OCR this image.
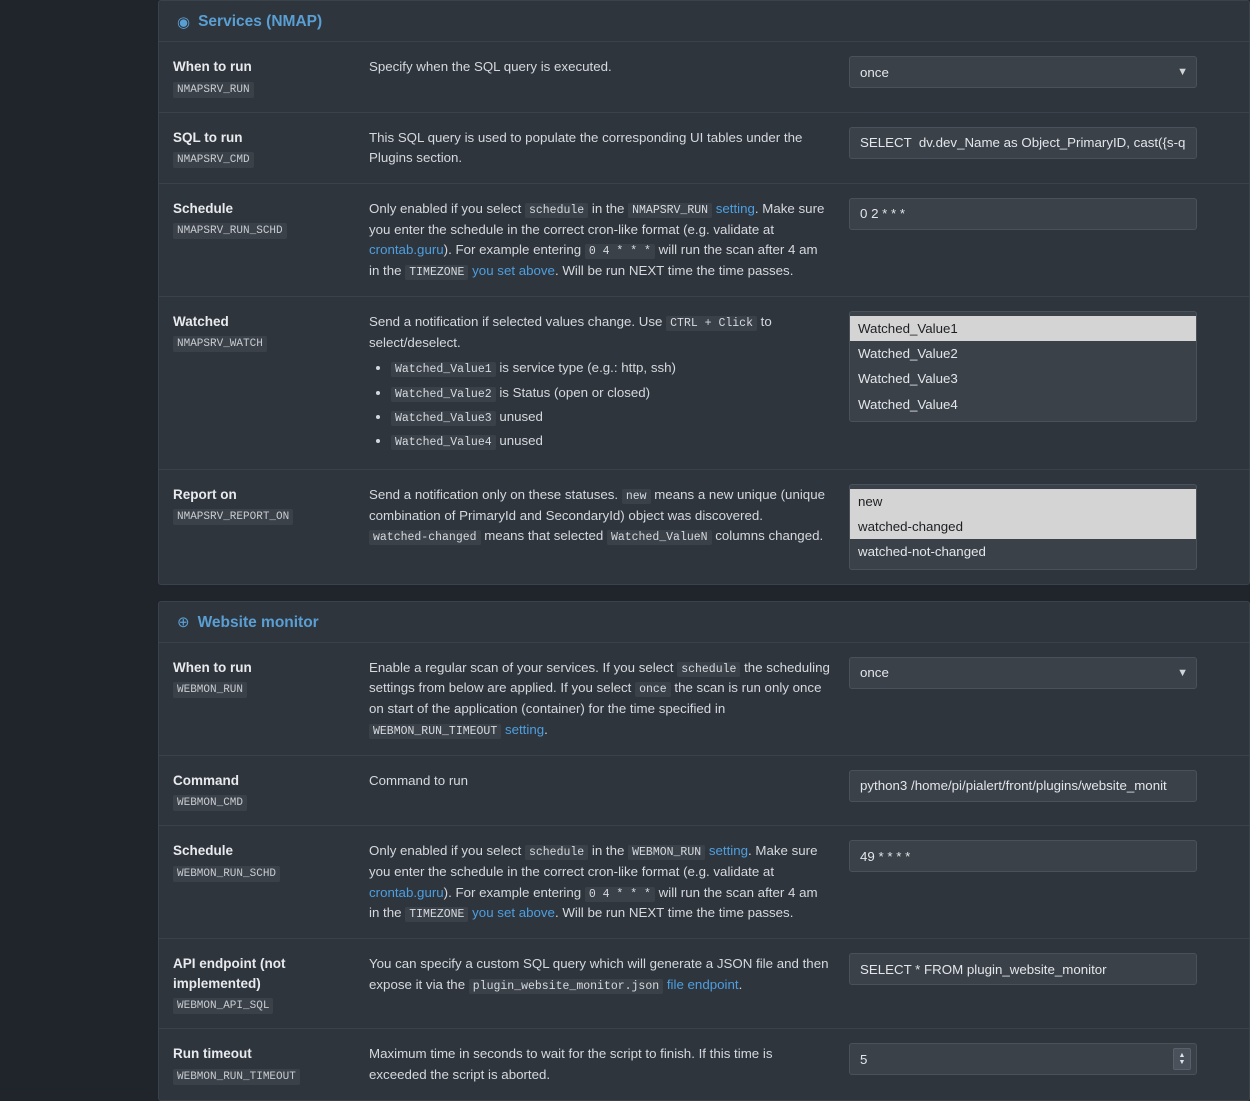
◉ Services (NMAP)
When to run
NMAPSRV_RUN
Specify when the SQL query is executed.
once	▼
SQL to run
NMAPSRV_CMD
This SQL query is used to populate the corresponding UI tables under the Plugins section.
SELECT dv.dev_Name as Object_PrimaryID, cast({s-quo
Schedule
NMAPSRV_RUN_SCHD
Only enabled if you select schedule in the NMAPSRV_RUN setting. Make sure you enter the schedule in the correct cron-like format (e.g. validate at crontab.guru). For example entering 0 4 * * * will run the scan after 4 am in the TIMEZONE you set above. Will be run NEXT time the time passes.
0 2 * * *
Watched
NMAPSRV_WATCH
Send a notification if selected values change. Use CTRL + Click to select/deselect.
• Watched_Value1 is service type (e.g.: http, ssh)
• Watched_Value2 is Status (open or closed)
• Watched_Value3 unused
• Watched_Value4 unused
Watched_Value1
Watched_Value2
Watched_Value3
Watched_Value4
Report on
NMAPSRV_REPORT_ON
Send a notification only on these statuses. new means a new unique (unique combination of PrimaryId and SecondaryId) object was discovered. watched-changed means that selected Watched_ValueN columns changed.
new
watched-changed
watched-not-changed
⊕ Website monitor
When to run
WEBMON_RUN
Enable a regular scan of your services. If you select schedule the scheduling settings from below are applied. If you select once the scan is run only once on start of the application (container) for the time specified in WEBMON_RUN_TIMEOUT setting.
once
▼
Command
WEBMON_CMD
Command to run
python3 /home/pi/pialert/front/plugins/website_monit
Schedule
WEBMON_RUN_SCHD
Only enabled if you select schedule in the WEBMON_RUN setting. Make sure you enter the schedule in the correct cron-like format (e.g. validate at crontab.guru). For example entering 0 4 * * * will run the scan after 4 am in the TIMEZONE you set above. Will be run NEXT time the time passes.
49 * * * *
API endpoint (not implemented)
WEBMON_API_SQL
You can specify a custom SQL query which will generate a JSON file and then expose it via the plugin_website_monitor.json file endpoint.
SELECT * FROM plugin_website_monitor
Run timeout
WEBMON_RUN_TIMEOUT
Maximum time in seconds to wait for the script to finish. If this time is exceeded the script is aborted.
5
▲
▼
